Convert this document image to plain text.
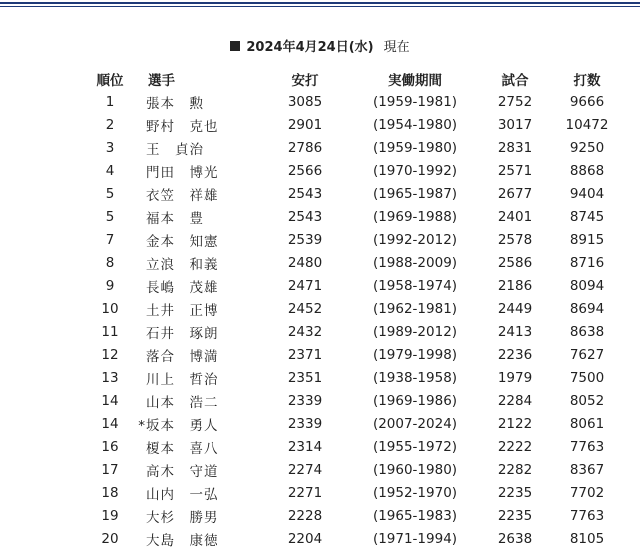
2024年4月24日(水) 現在
順位	選手	安打	実働期間	試合	打数
1	張本　勲	3085	(1959-1981)	2752	9666
2	野村　克也	2901	(1954-1980)	3017	10472
3	王　貞治	2786	(1959-1980)	2831	9250
4	門田　博光	2566	(1970-1992)	2571	8868
5	衣笠　祥雄	2543	(1965-1987)	2677	9404
5	福本　豊	2543	(1969-1988)	2401	8745
7	金本　知憲	2539	(1992-2012)	2578	8915
8	立浪　和義	2480	(1988-2009)	2586	8716
9	長嶋　茂雄	2471	(1958-1974)	2186	8094
10	土井　正博	2452	(1962-1981)	2449	8694
11	石井　琢朗	2432	(1989-2012)	2413	8638
12	落合　博満	2371	(1979-1998)	2236	7627
13	川上　哲治	2351	(1938-1958)	1979	7500
14	山本　浩二	2339	(1969-1986)	2284	8052
14	*坂本　勇人	2339	(2007-2024)	2122	8061
16	榎本　喜八	2314	(1955-1972)	2222	7763
17	高木　守道	2274	(1960-1980)	2282	8367
18	山内　一弘	2271	(1952-1970)	2235	7702
19	大杉　勝男	2228	(1965-1983)	2235	7763
20	大島　康徳	2204	(1971-1994)	2638	8105
